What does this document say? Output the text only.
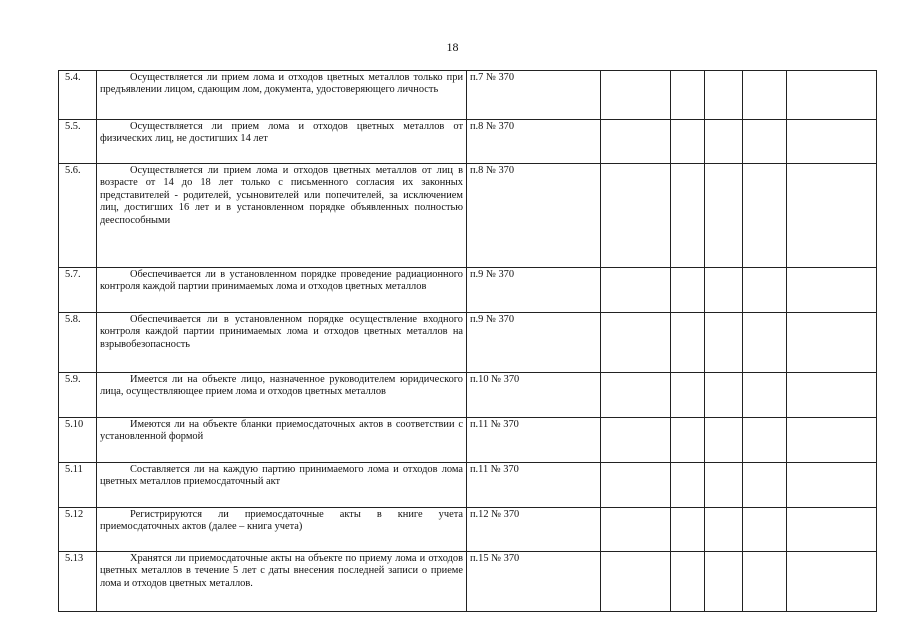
18
5.4.	Осуществляется ли прием лома и отходов цветных металлов только при предъявлении лицом, сдающим лом, документа, удостоверяющего личность	п.7 № 370					
5.5.	Осуществляется ли прием лома и отходов цветных металлов от физических лиц, не достигших 14 лет	п.8 № 370					
5.6.	Осуществляется ли прием лома и отходов цветных металлов от лиц в возрасте от 14 до 18 лет только с письменного согласия их законных представителей - родителей, усыновителей или попечителей, за исключением лиц, достигших 16 лет и в установленном порядке объявленных полностью дееспособными	п.8 № 370					
5.7.	Обеспечивается ли в установленном порядке проведение радиационного контроля каждой партии принимаемых лома и отходов цветных металлов	п.9 № 370					
5.8.	Обеспечивается ли в установленном порядке осуществление входного контроля каждой партии принимаемых лома и отходов цветных металлов на взрывобезопасность	п.9 № 370					
5.9.	Имеется ли на объекте лицо, назначенное руководителем юридического лица, осуществляющее прием лома и отходов цветных металлов	п.10 № 370					
5.10	Имеются ли на объекте бланки приемосдаточных актов в соответствии с установленной формой	п.11 № 370					
5.11	Составляется ли на каждую партию принимаемого лома и отходов лома цветных металлов приемосдаточный акт	п.11 № 370					
5.12	Регистрируются ли приемосдаточные акты в книге учета приемосдаточных актов (далее – книга учета)	п.12 № 370					
5.13	Хранятся ли приемосдаточные акты на объекте по приему лома и отходов цветных металлов в течение 5 лет с даты внесения последней записи о приеме лома и отходов цветных металлов.	п.15 № 370					
